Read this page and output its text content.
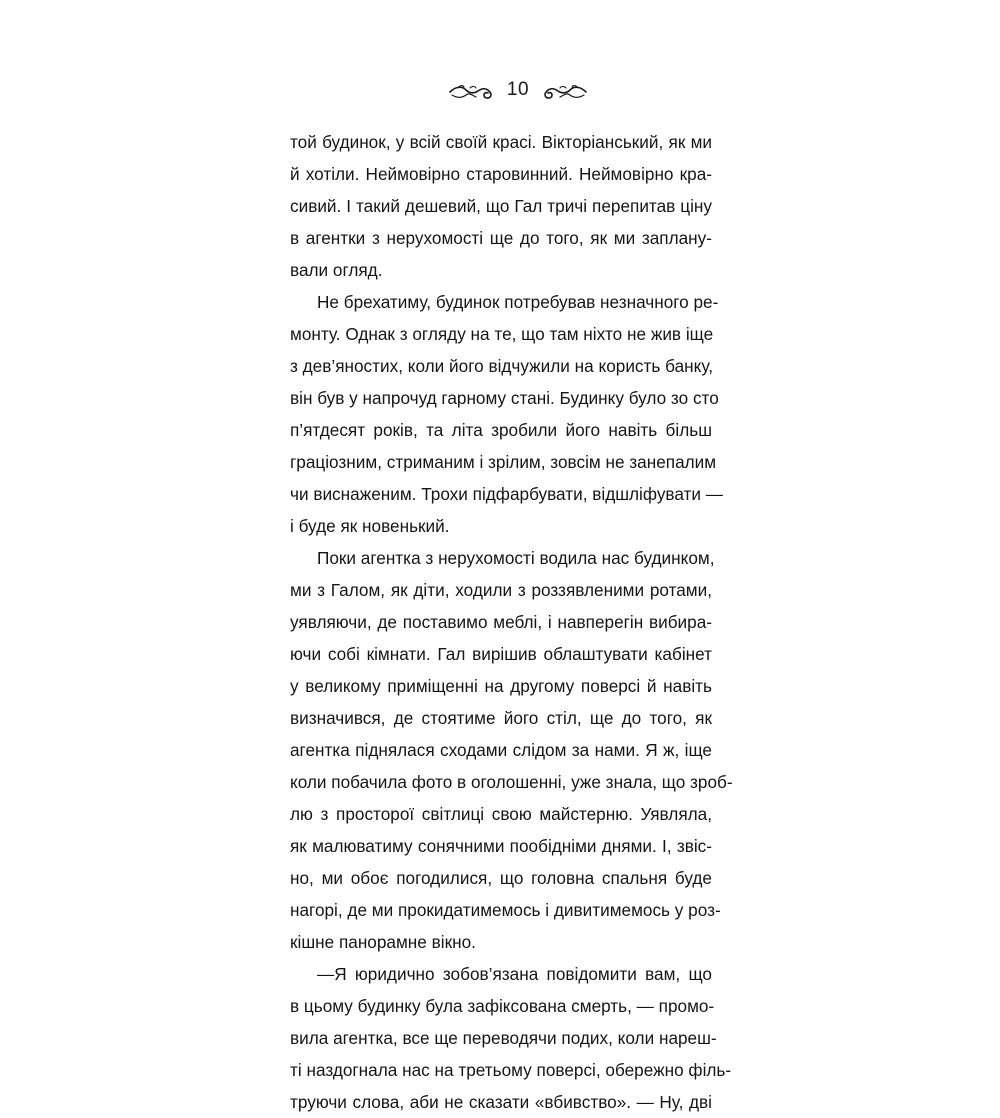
10
той будинок, у всій своїй красі. Вікторіанський, як ми
й хотіли. Неймовірно старовинний. Неймовірно кра-
сивий. І такий дешевий, що Гал тричі перепитав ціну
в агентки з нерухомості ще до того, як ми заплану-
вали огляд.
Не брехатиму, будинок потребував незначного ре-
монту. Однак з огляду на те, що там ніхто не жив іще
з дев’яностих, коли його відчужили на користь банку,
він був у напрочуд гарному стані. Будинку було зо сто
п’ятдесят років, та літа зробили його навіть більш
граціозним, стриманим і зрілим, зовсім не занепалим
чи виснаженим. Трохи підфарбувати, відшліфувати —
і буде як новенький.
Поки агентка з нерухомості водила нас будинком,
ми з Галом, як діти, ходили з роззявленими ротами,
уявляючи, де поставимо меблі, і навперегін вибира-
ючи собі кімнати. Гал вирішив облаштувати кабінет
у великому приміщенні на другому поверсі й навіть
визначився, де стоятиме його стіл, ще до того, як
агентка піднялася сходами слідом за нами. Я ж, іще
коли побачила фото в оголошенні, уже знала, що зроб-
лю з просторої світлиці свою майстерню. Уявляла,
як малюватиму сонячними пообідніми днями. І, звіс-
но, ми обоє погодилися, що головна спальня буде
нагорі, де ми прокидатимемось і дивитимемось у роз-
кішне панорамне вікно.
—Я юридично зобов’язана повідомити вам, що
в цьому будинку була зафіксована смерть, — промо-
вила агентка, все ще переводячи подих, коли нареш-
ті наздогнала нас на третьому поверсі, обережно філь-
труючи слова, аби не сказати «вбивство». — Ну, дві
